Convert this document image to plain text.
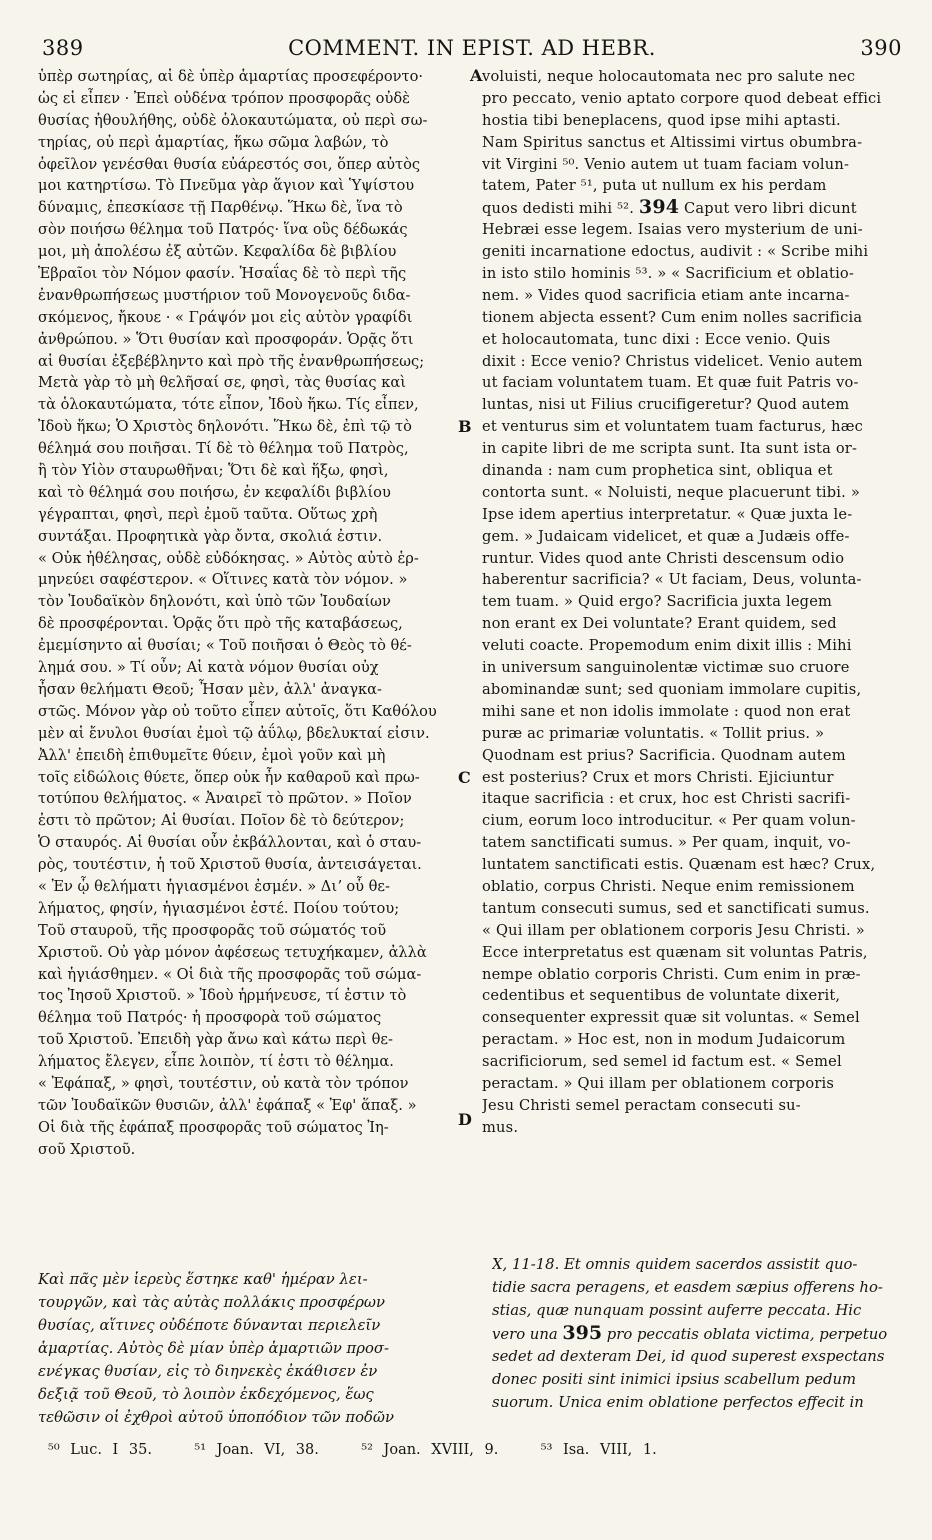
389	COMMENT. IN EPIST. AD HEBR.	390
ὑπὲρ σωτηρίας, αἱ δὲ ὑπὲρ ἁμαρτίας προσεφέροντο·
ὡς εἰ εἶπεν · Ἐπεὶ οὐδένα τρόπον προσφορᾶς οὐδὲ
θυσίας ἠθουλήθης, οὐδὲ ὁλοκαυτώματα, οὐ περὶ σω-
τηρίας, οὐ περὶ ἁμαρτίας, ἥκω σῶμα λαβών, τὸ
ὀφεῖλον γενέσθαι θυσία εὐάρεστός σοι, ὅπερ αὐτὸς
μοι κατηρτίσω. Τὸ Πνεῦμα γὰρ ἅγιον καὶ Ὑψίστου
δύναμις, ἐπεσκίασε τῇ Παρθένῳ. Ἥκω δὲ, ἵνα τὸ
σὸν ποιήσω θέλημα τοῦ Πατρός· ἵνα οὓς δέδωκάς
μοι, μὴ ἀπολέσω ἐξ αὐτῶν. Κεφαλίδα δὲ βιβλίου
Ἑβραῖοι τὸν Νόμον φασίν. Ἡσαΐας δὲ τὸ περὶ τῆς
ἐνανθρωπήσεως μυστήριον τοῦ Μονογενοῦς διδα-
σκόμενος, ἤκουε · « Γράψόν μοι εἰς αὐτὸν γραφίδι
ἀνθρώπου. » Ὅτι θυσίαν καὶ προσφοράν. Ὁρᾷς ὅτι
αἱ θυσίαι ἐξεβέβληντο καὶ πρὸ τῆς ἐνανθρωπήσεως;
Μετὰ γὰρ τὸ μὴ θελῆσαί σε, φησὶ, τὰς θυσίας καὶ
τὰ ὁλοκαυτώματα, τότε εἶπον, Ἰδοὺ ἥκω. Τίς εἶπεν,
Ἰδοὺ ἥκω; Ὁ Χριστὸς δηλονότι. Ἥκω δὲ, ἐπὶ τῷ τὸ
θέλημά σου ποιῆσαι. Τί δὲ τὸ θέλημα τοῦ Πατρὸς,
ἢ τὸν Υἱὸν σταυρωθῆναι; Ὅτι δὲ καὶ ἥξω, φησὶ,
καὶ τὸ θέλημά σου ποιήσω, ἐν κεφαλίδι βιβλίου
γέγραπται, φησὶ, περὶ ἐμοῦ ταῦτα. Οὕτως χρὴ
συντάξαι. Προφητικὰ γὰρ ὄντα, σκολιά ἐστιν.
« Οὐκ ἠθέλησας, οὐδὲ εὐδόκησας. » Αὐτὸς αὐτὸ ἑρ-
μηνεύει σαφέστερον. « Οἵτινες κατὰ τὸν νόμον. »
τὸν Ἰουδαϊκὸν δηλονότι, καὶ ὑπὸ τῶν Ἰουδαίων
δὲ προσφέρονται. Ὁρᾷς ὅτι πρὸ τῆς καταβάσεως,
ἐμεμίσηντο αἱ θυσίαι; « Τοῦ ποιῆσαι ὁ Θεὸς τὸ θέ-
λημά σου. » Τί οὖν; Αἱ κατὰ νόμον θυσίαι οὐχ
ἦσαν θελήματι Θεοῦ; Ἦσαν μὲν, ἀλλ' ἀναγκα-
στῶς. Μόνον γὰρ οὐ τοῦτο εἶπεν αὐτοῖς, ὅτι Καθόλου
μὲν αἱ ἔνυλοι θυσίαι ἐμοὶ τῷ ἀΰλῳ, βδελυκταί εἰσιν.
Ἀλλ' ἐπειδὴ ἐπιθυμεῖτε θύειν, ἐμοὶ γοῦν καὶ μὴ
τοῖς εἰδώλοις θύετε, ὅπερ οὐκ ἦν καθαροῦ καὶ πρω-
τοτύπου θελήματος. « Ἀναιρεῖ τὸ πρῶτον. » Ποῖον
ἐστι τὸ πρῶτον; Αἱ θυσίαι. Ποῖον δὲ τὸ δεύτερον;
Ὁ σταυρός. Αἱ θυσίαι οὖν ἐκβάλλονται, καὶ ὁ σταυ-
ρὸς, τουτέστιν, ἡ τοῦ Χριστοῦ θυσία, ἀντεισάγεται.
« Ἐν ᾧ θελήματι ἡγιασμένοι ἐσμέν. » Διʼ οὗ θε-
λήματος, φησίν, ἡγιασμένοι ἐστέ. Ποίου τούτου;
Τοῦ σταυροῦ, τῆς προσφορᾶς τοῦ σώματός τοῦ
Χριστοῦ. Οὐ γὰρ μόνον ἀφέσεως τετυχήκαμεν, ἀλλὰ
καὶ ἡγιάσθημεν. « Οἱ διὰ τῆς προσφορᾶς τοῦ σώμα-
τος Ἰησοῦ Χριστοῦ. » Ἰδοὺ ἡρμήνευσε, τί ἐστιν τὸ
θέλημα τοῦ Πατρός· ἡ προσφορὰ τοῦ σώματος
τοῦ Χριστοῦ. Ἐπειδὴ γὰρ ἄνω καὶ κάτω περὶ θε-
λήματος ἔλεγεν, εἶπε λοιπὸν, τί ἐστι τὸ θέλημα.
« Ἐφάπαξ, » φησὶ, τουτέστιν, οὐ κατὰ τὸν τρόπον
τῶν Ἰουδαϊκῶν θυσιῶν, ἀλλ' ἐφάπαξ « Ἐφ' ἅπαξ. »
Οἱ διὰ τῆς ἐφάπαξ προσφορᾶς τοῦ σώματος Ἰη-
σοῦ Χριστοῦ.
A
B
C
D
voluisti, neque holocautomata nec pro salute nec
pro peccato, venio aptato corpore quod debeat effici
hostia tibi beneplacens, quod ipse mihi aptasti.
Nam Spiritus sanctus et Altissimi virtus obumbra-
vit Virgini ⁵⁰. Venio autem ut tuam faciam volun-
tatem, Pater ⁵¹, puta ut nullum ex his perdam
quos dedisti mihi ⁵². 394 Caput vero libri dicunt
Hebræi esse legem. Isaias vero mysterium de uni-
geniti incarnatione edoctus, audivit : « Scribe mihi
in isto stilo hominis ⁵³. » « Sacrificium et oblatio-
nem. » Vides quod sacrificia etiam ante incarna-
tionem abjecta essent? Cum enim nolles sacrificia
et holocautomata, tunc dixi : Ecce venio. Quis
dixit : Ecce venio? Christus videlicet. Venio autem
ut faciam voluntatem tuam. Et quæ fuit Patris vo-
luntas, nisi ut Filius crucifigeretur? Quod autem
et venturus sim et voluntatem tuam facturus, hæc
in capite libri de me scripta sunt. Ita sunt ista or-
dinanda : nam cum prophetica sint, obliqua et
contorta sunt. « Noluisti, neque placuerunt tibi. »
Ipse idem apertius interpretatur. « Quæ juxta le-
gem. » Judaicam videlicet, et quæ a Judæis offe-
runtur. Vides quod ante Christi descensum odio
haberentur sacrificia? « Ut faciam, Deus, volunta-
tem tuam. » Quid ergo? Sacrificia juxta legem
non erant ex Dei voluntate? Erant quidem, sed
veluti coacte. Propemodum enim dixit illis : Mihi
in universum sanguinolentæ victimæ suo cruore
abominandæ sunt; sed quoniam immolare cupitis,
mihi sane et non idolis immolate : quod non erat
puræ ac primariæ voluntatis. « Tollit prius. »
Quodnam est prius? Sacrificia. Quodnam autem
est posterius? Crux et mors Christi. Ejiciuntur
itaque sacrificia : et crux, hoc est Christi sacrifi-
cium, eorum loco introducitur. « Per quam volun-
tatem sanctificati sumus. » Per quam, inquit, vo-
luntatem sanctificati estis. Quænam est hæc? Crux,
oblatio, corpus Christi. Neque enim remissionem
tantum consecuti sumus, sed et sanctificati sumus.
« Qui illam per oblationem corporis Jesu Christi. »
Ecce interpretatus est quænam sit voluntas Patris,
nempe oblatio corporis Christi. Cum enim in præ-
cedentibus et sequentibus de voluntate dixerit,
consequenter expressit quæ sit voluntas. « Semel
peractam. » Hoc est, non in modum Judaicorum
sacrificiorum, sed semel id factum est. « Semel
peractam. » Qui illam per oblationem corporis
Jesu Christi semel peractam consecuti su-
mus.
Καὶ πᾶς μὲν ἱερεὺς ἕστηκε καθ' ἡμέραν λει-
τουργῶν, καὶ τὰς αὐτὰς πολλάκις προσφέρων
θυσίας, αἵτινες οὐδέποτε δύνανται περιελεῖν
ἁμαρτίας. Αὐτὸς δὲ μίαν ὑπὲρ ἁμαρτιῶν προσ-
ενέγκας θυσίαν, εἰς τὸ διηνεκὲς ἐκάθισεν ἐν
δεξιᾷ τοῦ Θεοῦ, τὸ λοιπὸν ἐκδεχόμενος, ἕως
τεθῶσιν οἱ ἐχθροὶ αὐτοῦ ὑποπόδιον τῶν ποδῶν
X, 11-18. Et omnis quidem sacerdos assistit quo-
tidie sacra peragens, et easdem sæpius offerens ho-
stias, quæ nunquam possint auferre peccata. Hic
vero una 395 pro peccatis oblata victima, perpetuo
sedet ad dexteram Dei, id quod superest exspectans
donec positi sint inimici ipsius scabellum pedum
suorum. Unica enim oblatione perfectos effecit in
⁵⁰ Luc. I 35.	⁵¹ Joan. VI, 38.	⁵² Joan. XVIII, 9.	⁵³ Isa. VIII, 1.
